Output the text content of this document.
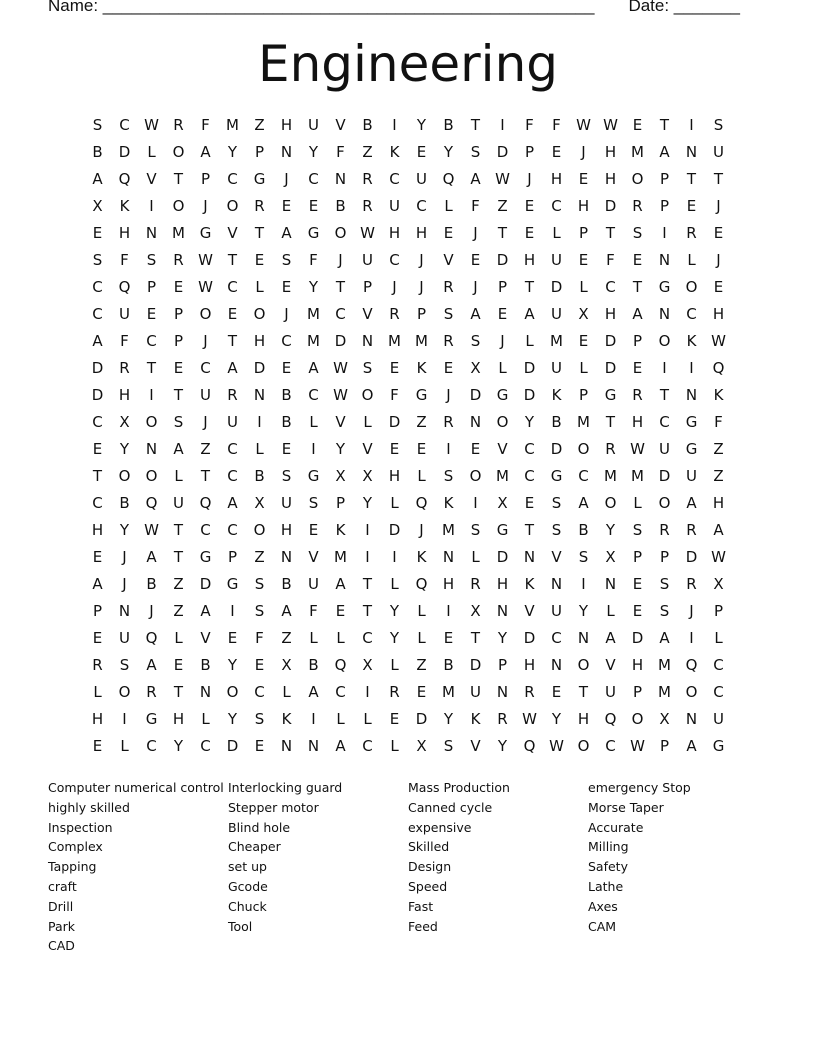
Name: ____________________________________________________ Date: _______
Engineering
S	C W R	F	M	Z	H	U	V	B	I	Y	B	T	I	F	F	W W E	T	I	S
B	D	L	O	A	Y	P	N	Y	F	Z	K	E	Y	S	D	P	E	J	H M	A	N	U
A	Q	V	T	P	C	G	J	C	N	R	C	U	Q	A W	J	H	E	H	O	P	T	T
X	K	I	O	J	O	R	E	E	B	R	U	C	L	F	Z	E	C	H	D	R	P	E	J
E	H	N M G	V	T	A	G	O W H	H	E	J	T	E	L	P	T	S	I	R	E
S	F	S	R W T	E	S	F	J	U	C	J	V	E	D	H	U	E	F	E	N	L	J
C	Q	P	E W C	L	E	Y	T	P	J	J	R	J	P	T	D	L	C	T	G	O	E
C	U	E	P	O	E	O	J	M	C	V	R	P	S	A	E	A	U	X	H	A	N	C	H
A	F	C	P	J	T	H	C	M D	N M M	R	S	J	L	M	E	D	P	O	K W
D	R	T	E	C	A	D	E	A W S	E	K	E	X	L	D	U	L	D	E	I	I	Q
D	H	I	T	U	R	N	B	C W O	F	G	J	D	G	D	K	P	G	R	T	N	K
C	X	O	S	J	U	I	B	L	V	L	D	Z	R	N	O	Y	B	M	T	H	C	G	F
E	Y	N	A	Z	C	L	E	I	Y	V	E	E	I	E	V	C	D	O	R W U	G	Z
T	O	O	L	T	C	B	S	G	X	X	H	L	S	O M	C	G	C	M M D	U	Z
C	B	Q	U	Q	A	X	U	S	P	Y	L	Q	K	I	X	E	S	A	O	L	O	A	H
H	Y	W T	C	C	O	H	E	K	I	D	J	M	S	G	T	S	B	Y	S	R	R	A
E	J	A	T	G	P	Z	N	V	M	I	I	K	N	L	D	N	V	S	X	P	P	D W
A	J	B	Z	D	G	S	B	U	A	T	L	Q	H	R	H	K	N	I	N	E	S	R	X
P	N	J	Z	A	I	S	A	F	E	T	Y	L	I	X	N	V	U	Y	L	E	S	J	P
E	U	Q	L	V	E	F	Z	L	L	C	Y	L	E	T	Y	D	C	N	A	D	A	I	L
R	S	A	E	B	Y	E	X	B	Q	X	L	Z	B	D	P	H	N	O	V	H M Q	C
L	O	R	T	N	O	C	L	A	C	I	R	E	M	U	N	R	E	T	U	P	M O	C
H	I	G	H	L	Y	S	K	I	L	L	E	D	Y	K	R W Y	H	Q	O	X	N	U
E	L	C	Y	C	D	E	N	N	A	C	L	X	S	V	Y	Q W O	C W	P	A	G
Computer numerical control
highly skilled
Inspection
Complex
Tapping
craft
Drill
Park
CAD
Interlocking guard
Stepper motor
Blind hole
Cheaper
set up
Gcode
Chuck
Tool
Mass Production
Canned cycle
expensive
Skilled
Design
Speed
Fast
Feed
emergency Stop
Morse Taper
Accurate
Milling
Safety
Lathe
Axes
CAM
